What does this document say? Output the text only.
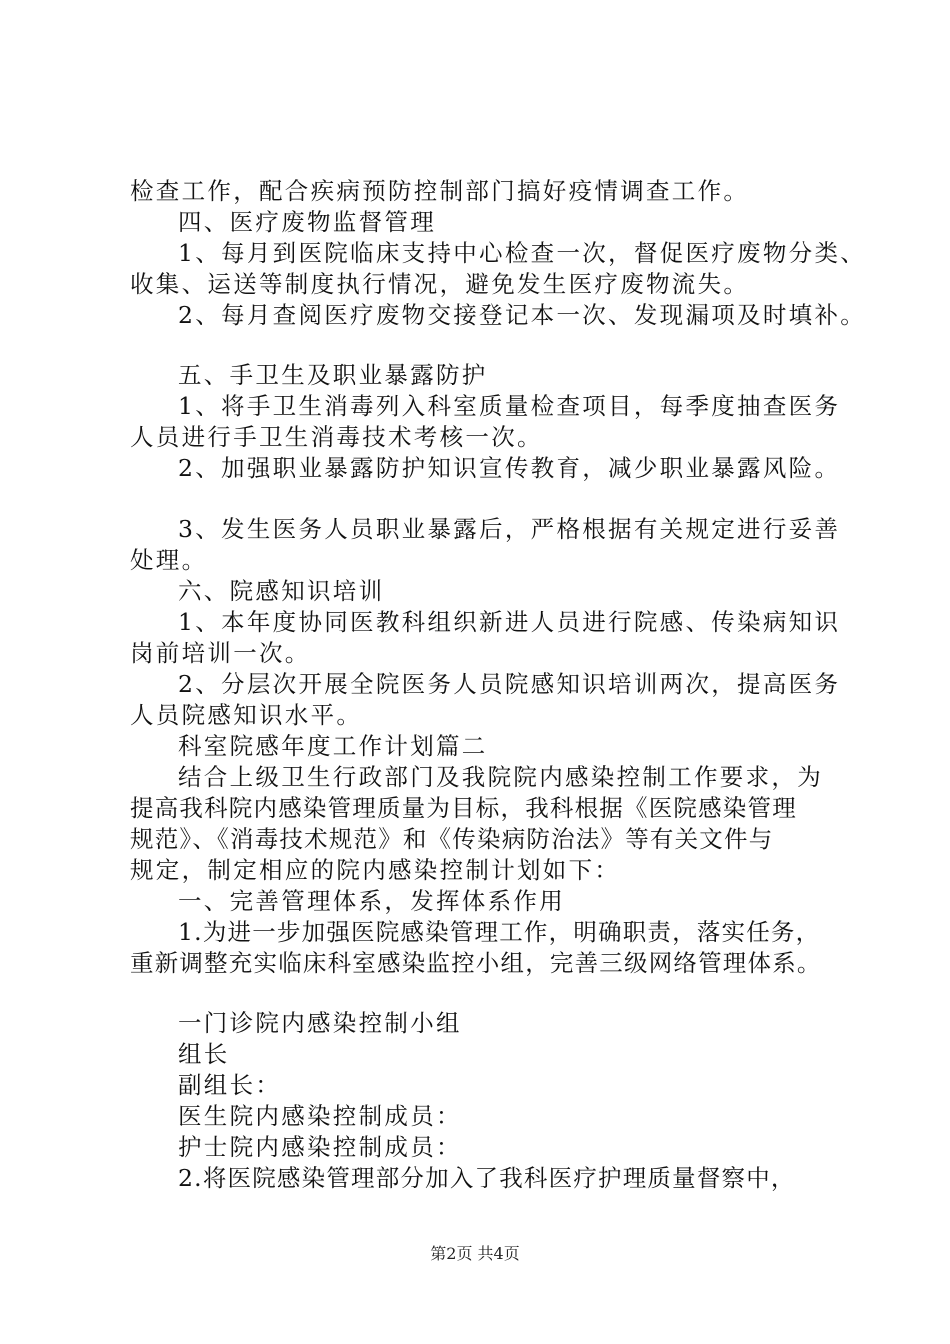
检查工作，配合疾病预防控制部门搞好疫情调查工作。
四、医疗废物监督管理
1、每月到医院临床支持中心检查一次，督促医疗废物分类、
收集、运送等制度执行情况，避免发生医疗废物流失。
2、每月查阅医疗废物交接登记本一次、发现漏项及时填补。
五、手卫生及职业暴露防护
1、将手卫生消毒列入科室质量检查项目，每季度抽查医务
人员进行手卫生消毒技术考核一次。
2、加强职业暴露防护知识宣传教育，减少职业暴露风险。
3、发生医务人员职业暴露后，严格根据有关规定进行妥善
处理。
六、院感知识培训
1、本年度协同医教科组织新进人员进行院感、传染病知识
岗前培训一次。
2、分层次开展全院医务人员院感知识培训两次，提高医务
人员院感知识水平。
科室院感年度工作计划篇二
结合上级卫生行政部门及我院院内感染控制工作要求，为
提高我科院内感染管理质量为目标，我科根据《医院感染管理
规范》、《消毒技术规范》和《传染病防治法》等有关文件与
规定，制定相应的院内感染控制计划如下：
一、完善管理体系，发挥体系作用
1.为进一步加强医院感染管理工作，明确职责，落实任务，
重新调整充实临床科室感染监控小组，完善三级网络管理体系。
一门诊院内感染控制小组
组长
副组长：
医生院内感染控制成员：
护士院内感染控制成员：
2.将医院感染管理部分加入了我科医疗护理质量督察中，
第2页 共4页
